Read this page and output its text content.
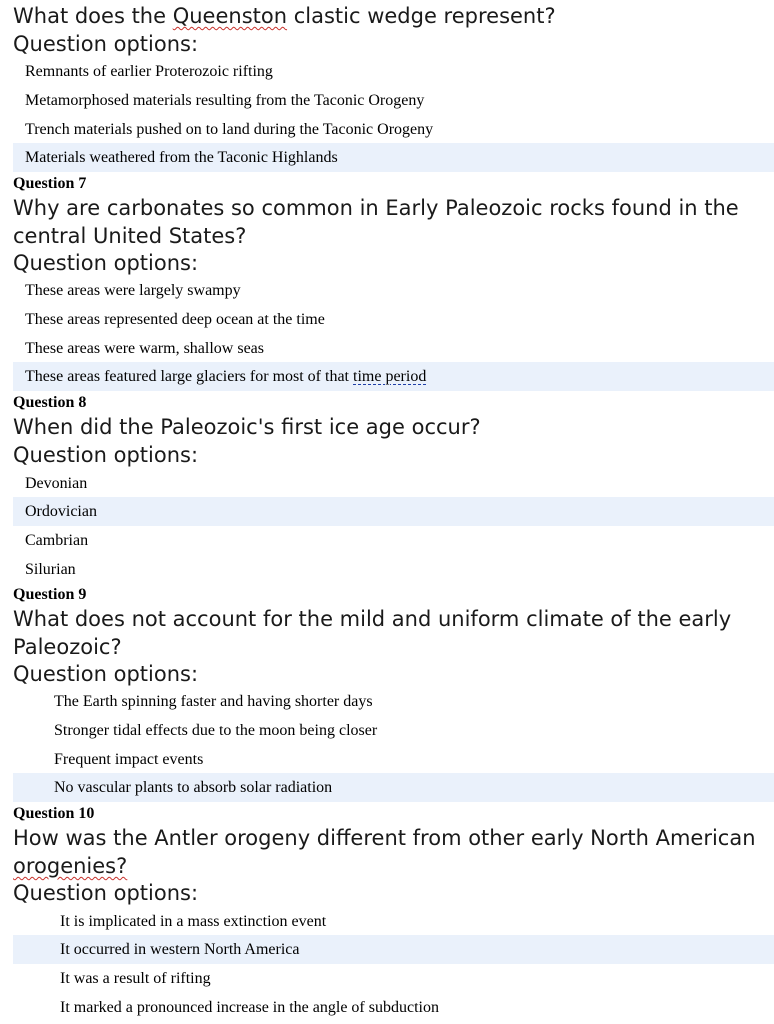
What does the Queenston clastic wedge represent?
Question options:
Remnants of earlier Proterozoic rifting
Metamorphosed materials resulting from the Taconic Orogeny
Trench materials pushed on to land during the Taconic Orogeny
Materials weathered from the Taconic Highlands
Question 7
Why are carbonates so common in Early Paleozoic rocks found in the central United States?
Question options:
These areas were largely swampy
These areas represented deep ocean at the time
These areas were warm, shallow seas
These areas featured large glaciers for most of that time period
Question 8
When did the Paleozoic's first ice age occur?
Question options:
Devonian
Ordovician
Cambrian
Silurian
Question 9
What does not account for the mild and uniform climate of the early Paleozoic?
Question options:
The Earth spinning faster and having shorter days
Stronger tidal effects due to the moon being closer
Frequent impact events
No vascular plants to absorb solar radiation
Question 10
How was the Antler orogeny different from other early North American orogenies?
Question options:
It is implicated in a mass extinction event
It occurred in western North America
It was a result of rifting
It marked a pronounced increase in the angle of subduction
